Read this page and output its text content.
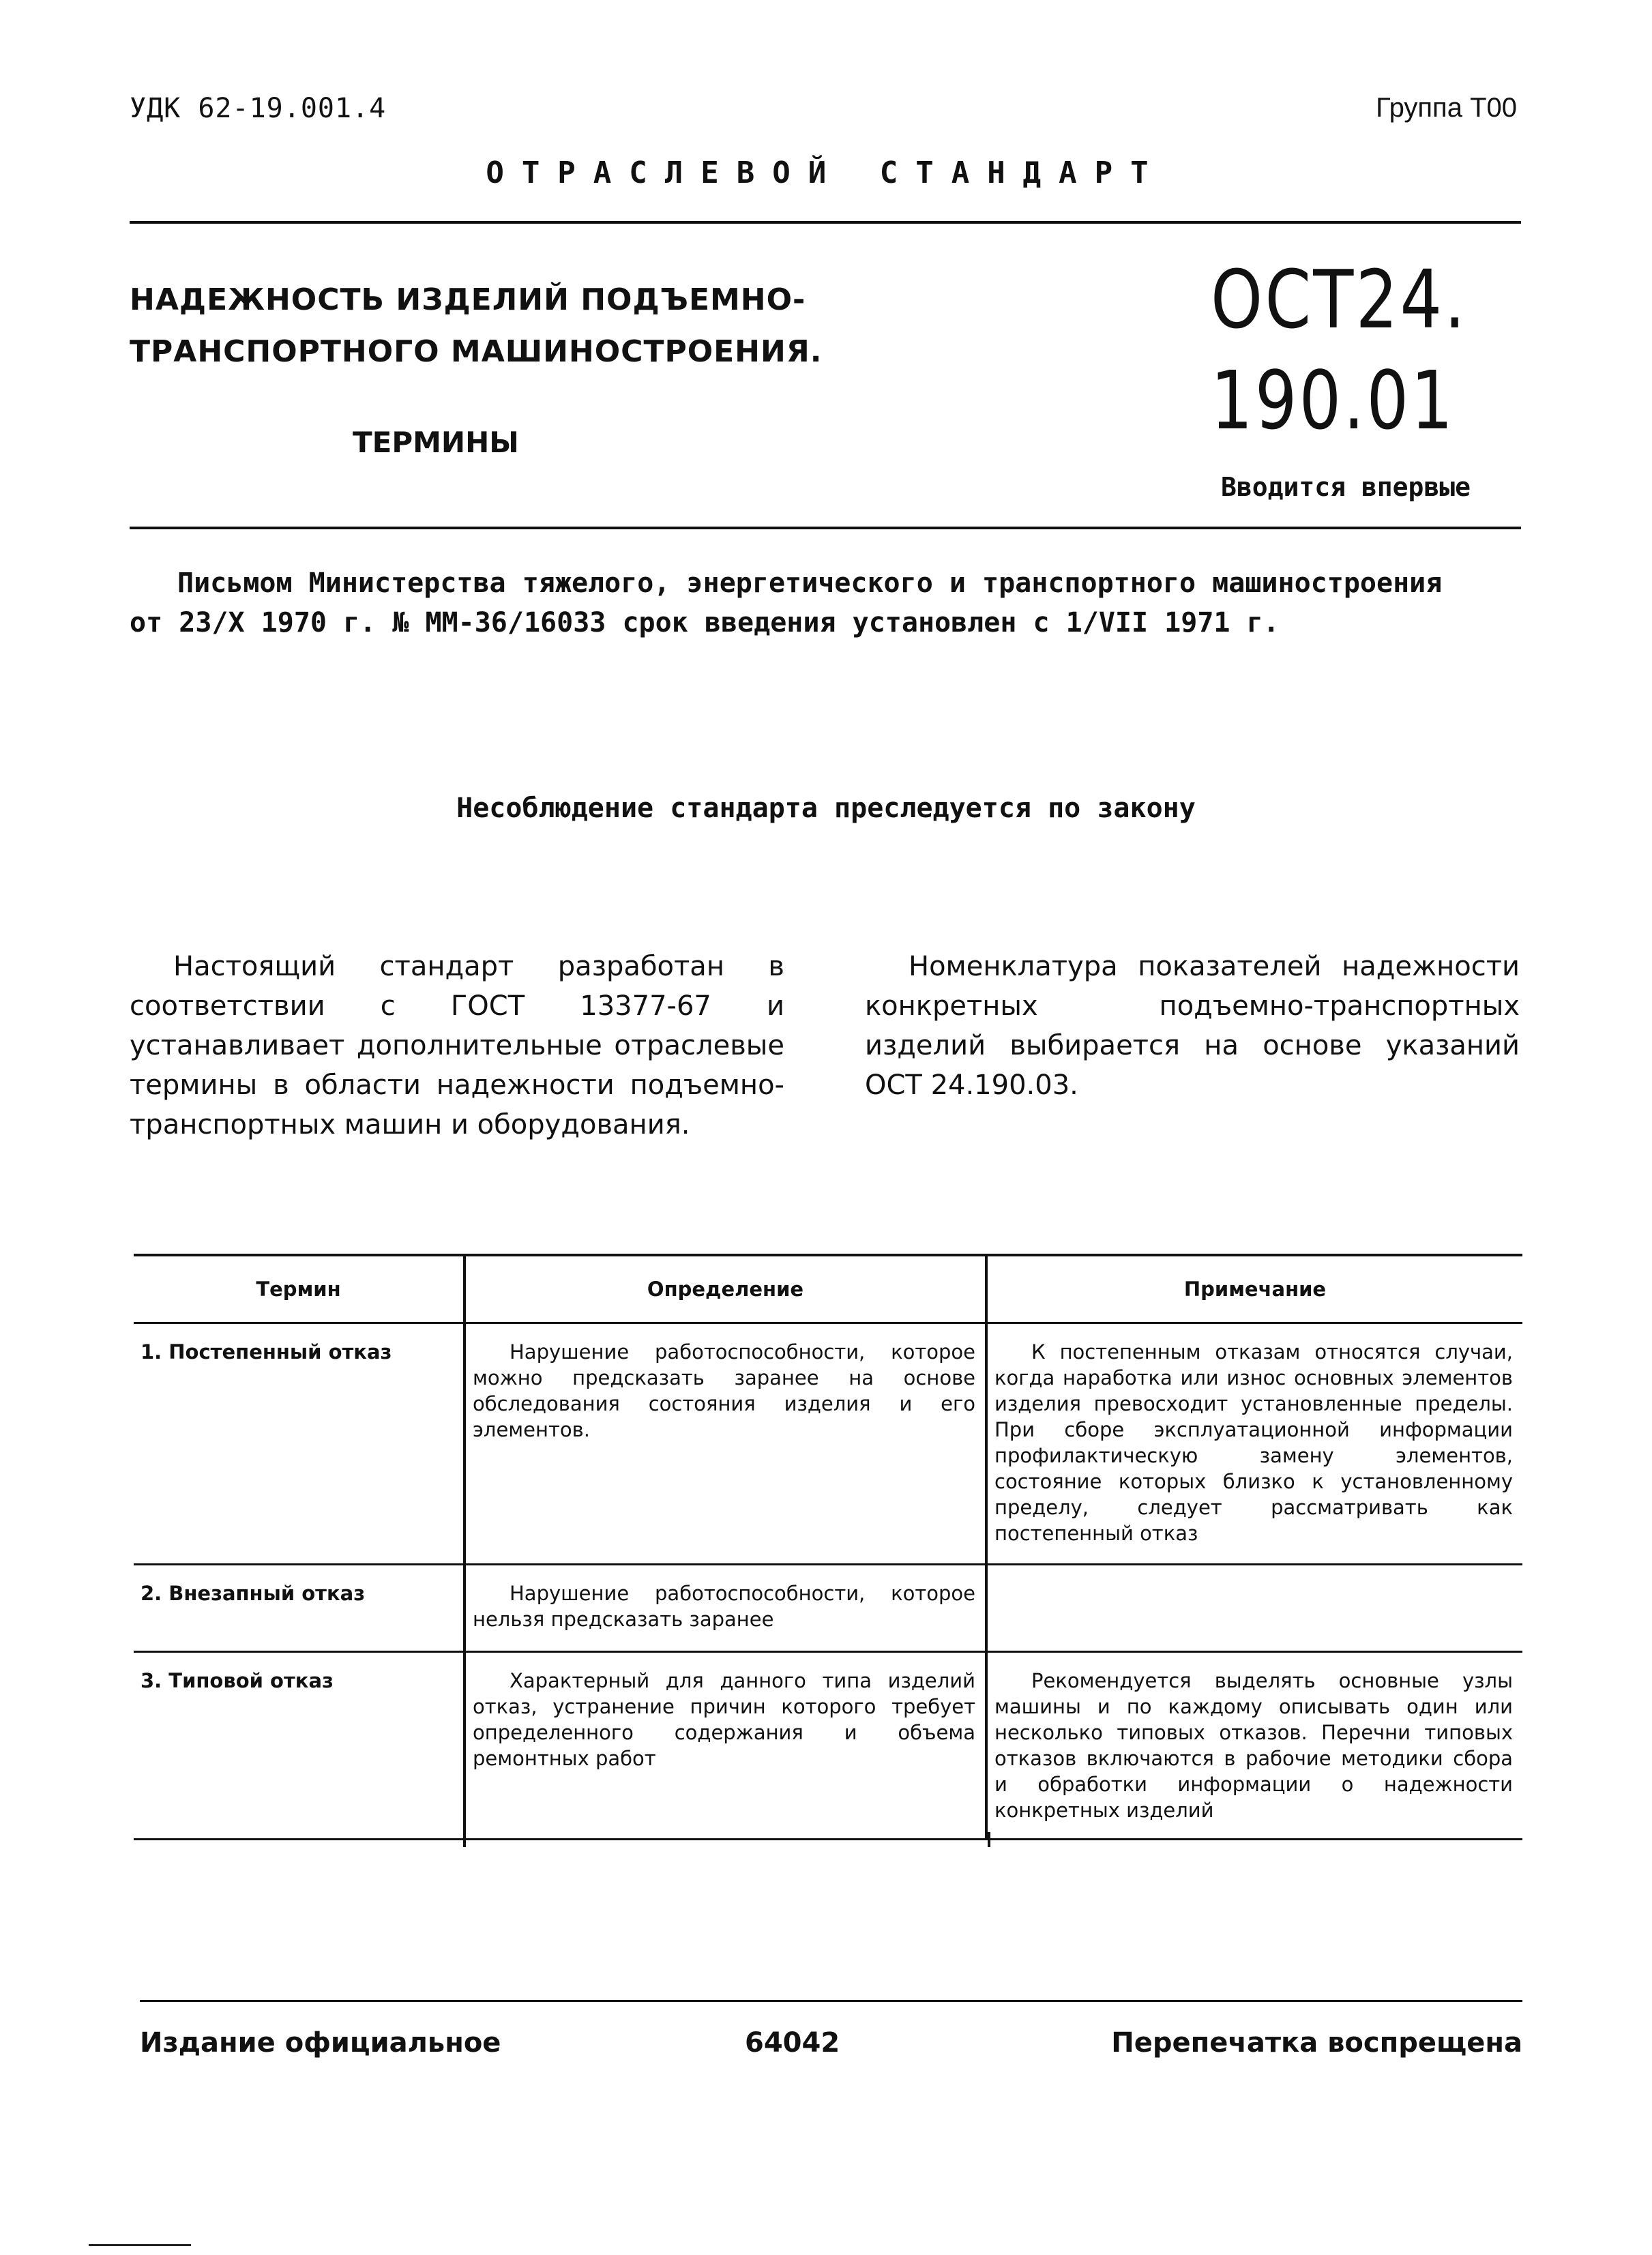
УДК 62-19.001.4	Группа Т00
ОТРАСЛЕВОЙ СТАНДАРТ
НАДЕЖНОСТЬ ИЗДЕЛИЙ ПОДЪЕМНО-
ТРАНСПОРТНОГО МАШИНОСТРОЕНИЯ.
ТЕРМИНЫ
ОСТ24.
190.01
Вводится впервые
Письмом Министерства тяжелого, энергетического и транспортного машиностроения
от 23/Х 1970 г. № ММ-36/16033 срок введения установлен с 1/VII 1971 г.
Несоблюдение стандарта преследуется по закону
Настоящий стандарт разработан в соответствии с ГОСТ 13377-67 и устанавливает дополнительные отраслевые термины в области надежности подъемно-транспортных машин и оборудования.
Номенклатура показателей надежности конкретных подъемно-транспортных изделий выбирается на основе указаний ОСТ 24.190.03.
Термин	Определение	Примечание
1. Постепенный отказ	Нарушение работоспособности, которое можно предсказать заранее на основе обследования состояния изделия и его элементов.	К постепенным отказам относятся случаи, когда наработка или износ основных элементов изделия превосходит установленные пределы. При сборе эксплуатационной информации профилактическую замену элементов, состояние которых близко к установленному пределу, следует рассматривать как постепенный отказ
2. Внезапный отказ	Нарушение работоспособности, которое нельзя предсказать заранее	
3. Типовой отказ	Характерный для данного типа изделий отказ, устранение причин которого требует определенного содержания и объема ремонтных работ	Рекомендуется выделять основные узлы машины и по каждому описывать один или несколько типовых отказов. Перечни типовых отказов включаются в рабочие методики сбора и обработки информации о надежности конкретных изделий
Издание официальное	64042	Перепечатка воспрещена
